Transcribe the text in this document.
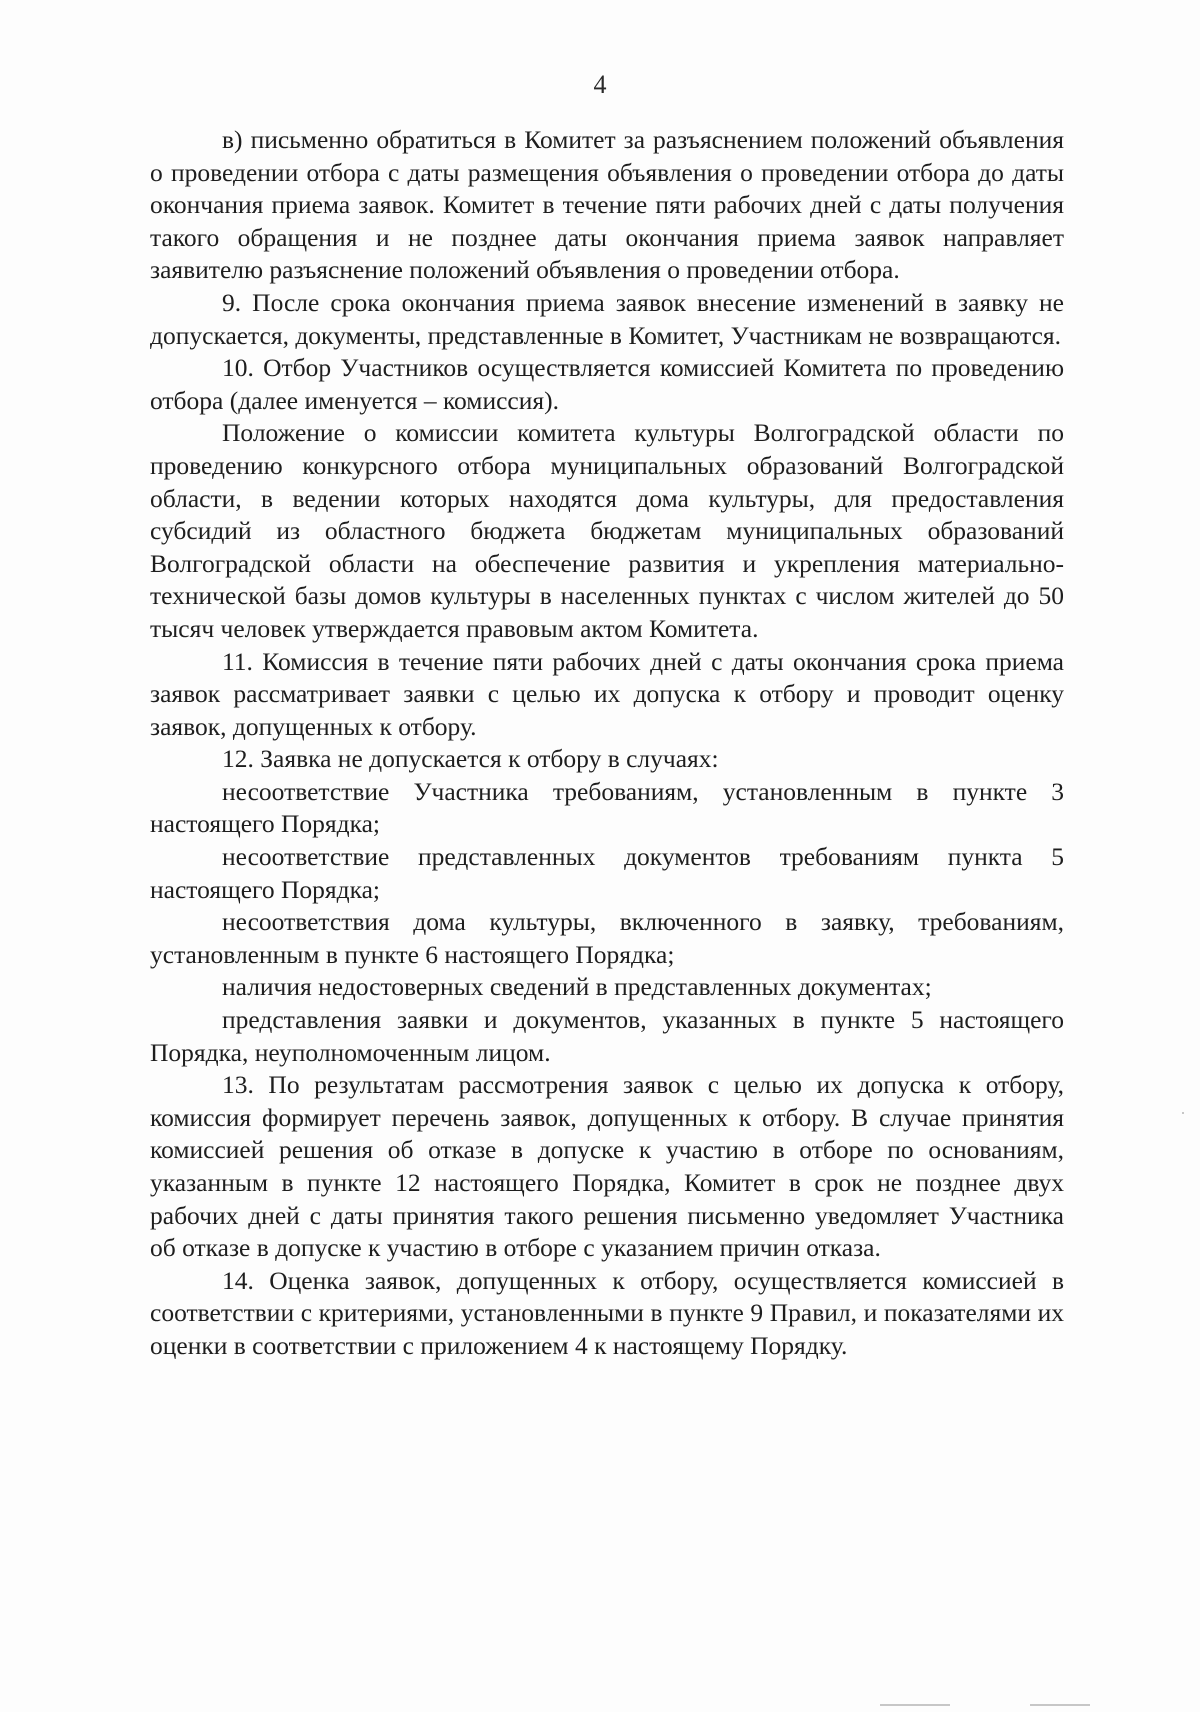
4

в) письменно обратиться в Комитет за разъяснением положений объявления о проведении отбора с даты размещения объявления о проведении отбора до даты окончания приема заявок. Комитет в течение пяти рабочих дней с даты получения такого обращения и не позднее даты окончания приема заявок направляет заявителю разъяснение положений объявления о проведении отбора.

9. После срока окончания приема заявок внесение изменений в заявку не допускается, документы, представленные в Комитет, Участникам не возвращаются.

10. Отбор Участников осуществляется комиссией Комитета по проведению отбора (далее именуется – комиссия).

Положение о комиссии комитета культуры Волгоградской области по проведению конкурсного отбора муниципальных образований Волгоградской области, в ведении которых находятся дома культуры, для предоставления субсидий из областного бюджета бюджетам муниципальных образований Волгоградской области на обеспечение развития и укрепления материально-технической базы домов культуры в населенных пунктах с числом жителей до 50 тысяч человек утверждается правовым актом Комитета.

11. Комиссия в течение пяти рабочих дней с даты окончания срока приема заявок рассматривает заявки с целью их допуска к отбору и проводит оценку заявок, допущенных к отбору.

12. Заявка не допускается к отбору в случаях:

несоответствие Участника требованиям, установленным в пункте 3 настоящего Порядка;

несоответствие представленных документов требованиям пункта 5 настоящего Порядка;

несоответствия дома культуры, включенного в заявку, требованиям, установленным в пункте 6 настоящего Порядка;

наличия недостоверных сведений в представленных документах;

представления заявки и документов, указанных в пункте 5 настоящего Порядка, неуполномоченным лицом.

13. По результатам рассмотрения заявок с целью их допуска к отбору, комиссия формирует перечень заявок, допущенных к отбору. В случае принятия комиссией решения об отказе в допуске к участию в отборе по основаниям, указанным в пункте 12 настоящего Порядка, Комитет в срок не позднее двух рабочих дней с даты принятия такого решения письменно уведомляет Участника об отказе в допуске к участию в отборе с указанием причин отказа.

14. Оценка заявок, допущенных к отбору, осуществляется комиссией в соответствии с критериями, установленными в пункте 9 Правил, и показателями их оценки в соответствии с приложением 4 к настоящему Порядку.
